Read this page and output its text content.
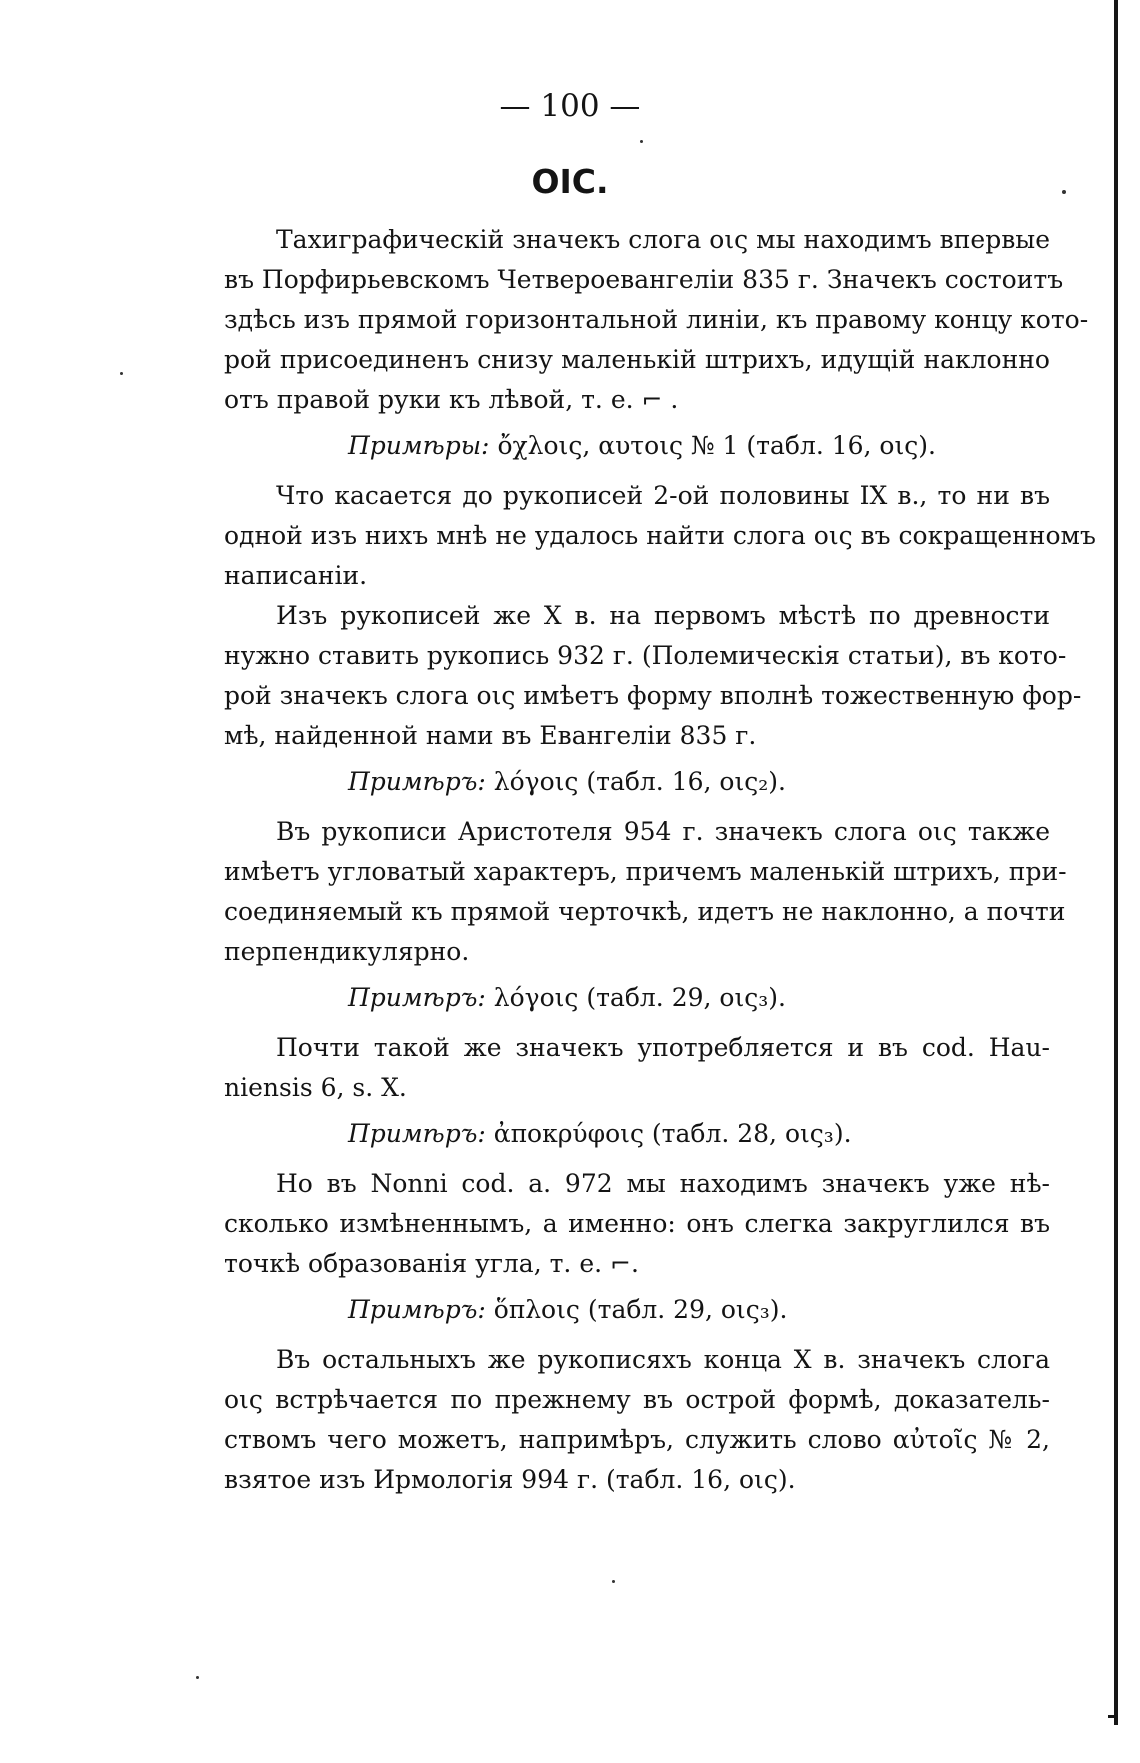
— 100 —
OIC.
Тахиграфическій значекъ слога οις мы находимъ впервые
въ Порфирьевскомъ Четвероевангеліи 835 г. Значекъ состоитъ
здѣсь изъ прямой горизонтальной линіи, къ правому концу кото-
рой присоединенъ снизу маленькій штрихъ, идущій наклонно
отъ правой руки къ лѣвой, т. е. ⌐ .
Примѣры: ὄχλοις, αυτοις № 1 (табл. 16, οις).
Что касается до рукописей 2-ой половины IX в., то ни въ
одной изъ нихъ мнѣ не удалось найти слога οις въ сокращенномъ
написаніи.
Изъ рукописей же X в. на первомъ мѣстѣ по древности
нужно ставить рукопись 932 г. (Полемическія статьи), въ кото-
рой значекъ слога οις имѣетъ форму вполнѣ тожественную фор-
мѣ, найденной нами въ Евангеліи 835 г.
Примѣръ: λόγοις (табл. 16, οις₂).
Въ рукописи Аристотеля 954 г. значекъ слога οις также
имѣетъ угловатый характеръ, причемъ маленькій штрихъ, при-
соединяемый къ прямой черточкѣ, идетъ не наклонно, а почти
перпендикулярно.
Примѣръ: λόγοις (табл. 29, οις₃).
Почти такой же значекъ употребляется и въ cod. Hau-
niensis 6, s. X.
Примѣръ: ἀποκρύφοις (табл. 28, οις₃).
Но въ Nonni cod. a. 972 мы находимъ значекъ уже нѣ-
сколько измѣненнымъ, а именно: онъ слегка закруглился въ
точкѣ образованія угла, т. е. ⌐.
Примѣръ: ὅπλοις (табл. 29, οις₃).
Въ остальныхъ же рукописяхъ конца X в. значекъ слога
οις встрѣчается по прежнему въ острой формѣ, доказатель-
ствомъ чего можетъ, напримѣръ, служить слово αὐτοῖς № 2,
взятое изъ Ирмологія 994 г. (табл. 16, οις).
